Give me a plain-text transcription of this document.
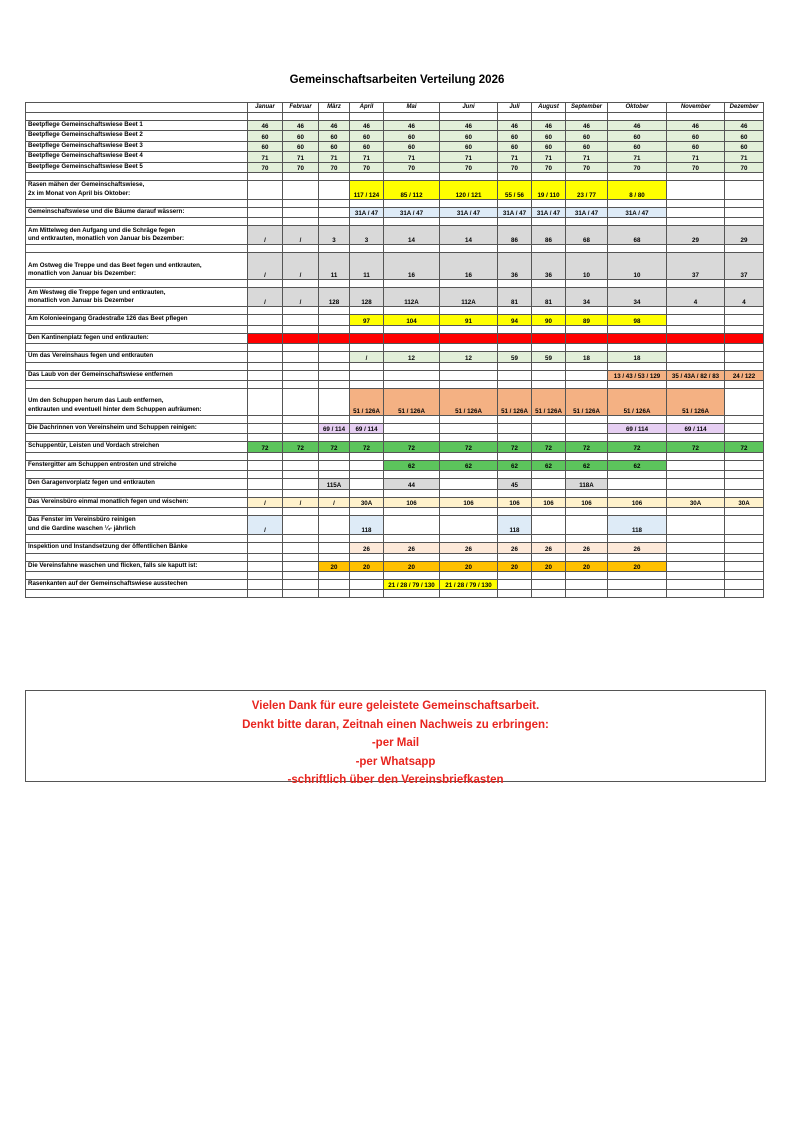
Gemeinschaftsarbeiten Verteilung 2026
	Januar	Februar	März	April	Mai	Juni	Juli	August	September	Oktober	November	Dezember

Beetpflege Gemeinschaftswiese Beet 1	46	46	46	46	46	46	46	46	46	46	46	46
Beetpflege Gemeinschaftswiese Beet 2	60	60	60	60	60	60	60	60	60	60	60	60
Beetpflege Gemeinschaftswiese Beet 3	60	60	60	60	60	60	60	60	60	60	60	60
Beetpflege Gemeinschaftswiese Beet 4	71	71	71	71	71	71	71	71	71	71	71	71
Beetpflege Gemeinschaftswiese Beet 5	70	70	70	70	70	70	70	70	70	70	70	70

Rasen mähen der Gemeinschaftswiese,
2x im Monat von April bis Oktober:				117 / 124	85 / 112	120 / 121	55 / 56	19 / 110	23 / 77	8 / 80		

Gemeinschaftswiese und die Bäume darauf wässern:				31A / 47	31A / 47	31A / 47	31A / 47	31A / 47	31A / 47	31A / 47		

Am Mittelweg den Aufgang und die Schräge fegen
und entkrauten, monatlich von Januar bis Dezember:	/	/	3	3	14	14	86	86	68	68	29	29

Am Ostweg die Treppe und das Beet fegen und entkrauten,
monatlich von Januar bis Dezember:	/	/	11	11	16	16	36	36	10	10	37	37

Am Westweg die Treppe fegen und entkrauten,
monatlich von Januar bis Dezember	/	/	128	128	112A	112A	81	81	34	34	4	4

Am Kolonieeingang Gradestraße 126 das Beet pflegen				97	104	91	94	90	89	98		

Den Kantinenplatz fegen und entkrauten:				54	54	132	33	77	123	98		

Um das Vereinshaus fegen und entkrauten				/	12	12	59	59	18	18		

Das Laub von der Gemeinschaftswiese entfernen										13 / 43 / 53 / 129	35 / 43A / 82 / 83	24 / 122

Um den Schuppen herum das Laub entfernen,
entkrauten und eventuell hinter dem Schuppen aufräumen:				51 / 126A	51 / 126A	51 / 126A	51 / 126A	51 / 126A	51 / 126A	51 / 126A	51 / 126A	

Die Dachrinnen von Vereinsheim und Schuppen reinigen:			69 / 114	69 / 114						69 / 114	69 / 114	

Schuppentür, Leisten und Vordach streichen	72	72	72	72	72	72	72	72	72	72	72	72

Fenstergitter am Schuppen entrosten und streiche					62	62	62	62	62	62		

Den Garagenvorplatz fegen und entkrauten			115A		44		45		118A			

Das Vereinsbüro einmal monatlich fegen und wischen:	/	/	/	30A	106	106	106	106	106	106	30A	30A

Das Fenster im Vereinsbüro reinigen
und die Gardine waschen ¼- jährlich	/			118			118			118		

Inspektion und Instandsetzung der öffentlichen Bänke				26	26	26	26	26	26	26		

Die Vereinsfahne waschen und flicken, falls sie kaputt ist:			20	20	20	20	20	20	20	20		

Rasenkanten auf der Gemeinschaftswiese ausstechen					21 / 28 / 79 / 130	21 / 28 / 79 / 130						

Vielen Dank für eure geleistete Gemeinschaftsarbeit.
Denkt bitte daran, Zeitnah einen Nachweis zu erbringen:
-per Mail
-per Whatsapp
-schriftlich über den Vereinsbriefkasten
